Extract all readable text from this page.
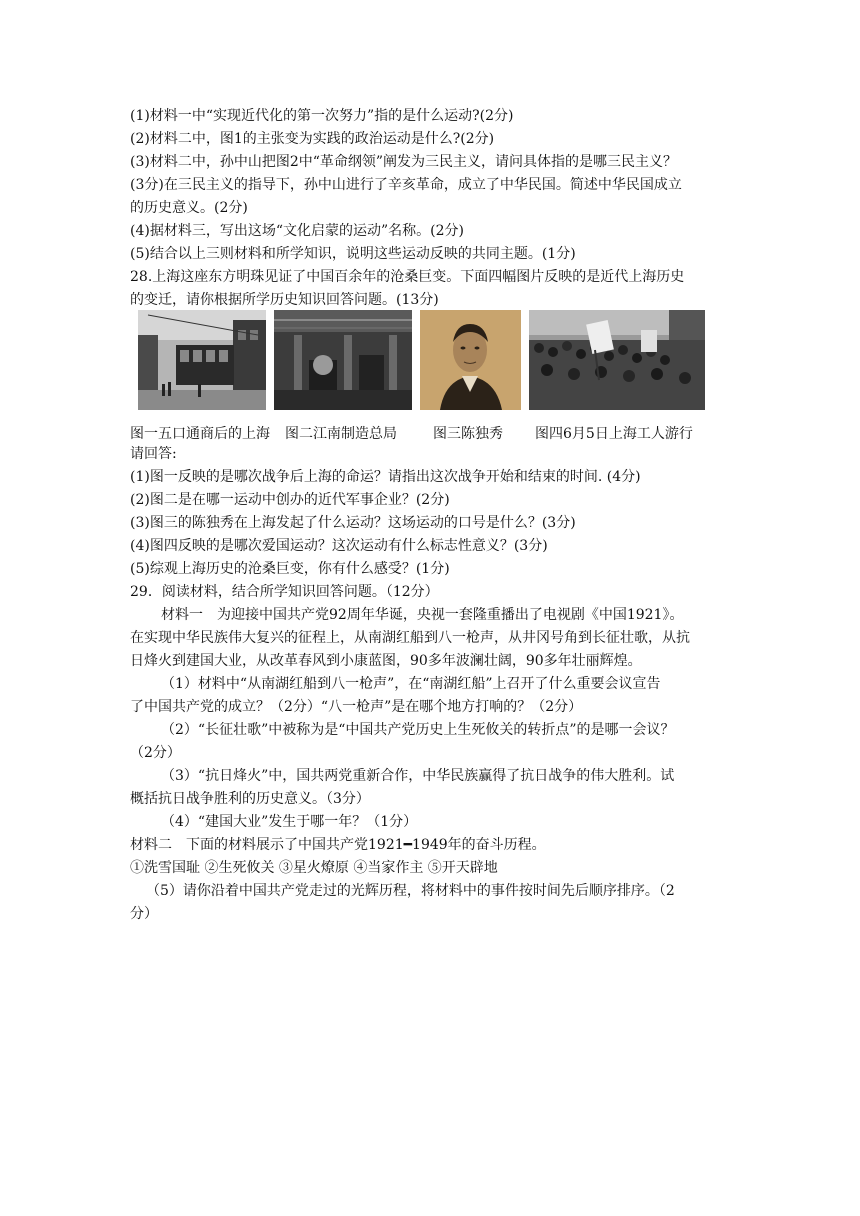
(1)材料一中“实现近代化的第一次努力”指的是什么运动?(2分)
(2)材料二中，图1的主张变为实践的政治运动是什么?(2分)
(3)材料二中，孙中山把图2中“革命纲领”阐发为三民主义，请问具体指的是哪三民主义？
(3分)在三民主义的指导下，孙中山进行了辛亥革命，成立了中华民国。简述中华民国成立
的历史意义。(2分)
(4)据材料三，写出这场“文化启蒙的运动”名称。(2分)
(5)结合以上三则材料和所学知识，说明这些运动反映的共同主题。(1分)
28.上海这座东方明珠见证了中国百余年的沧桑巨变。下面四幅图片反映的是近代上海历史
的变迁，请你根据所学历史知识回答问题。(13分)
图一五口通商后的上海 图二江南制造总局	图三陈独秀 图四6月5日上海工人游行
请回答:
(1)图一反映的是哪次战争后上海的命运？请指出这次战争开始和结束的时间. (4分)
(2)图二是在哪一运动中创办的近代军事企业？(2分)
(3)图三的陈独秀在上海发起了什么运动？这场运动的口号是什么？(3分)
(4)图四反映的是哪次爱国运动？这次运动有什么标志性意义？(3分)
(5)综观上海历史的沧桑巨变，你有什么感受？(1分)
29．阅读材料，结合所学知识回答问题。（12分）
材料一　为迎接中国共产党92周年华诞，央视一套隆重播出了电视剧《中国1921》。
在实现中华民族伟大复兴的征程上，从南湖红船到八一枪声，从井冈号角到长征壮歌，从抗
日烽火到建国大业，从改革春风到小康蓝图，90多年波澜壮阔，90多年壮丽辉煌。
（1）材料中“从南湖红船到八一枪声”，在“南湖红船”上召开了什么重要会议宣告
了中国共产党的成立？（2分）“八一枪声”是在哪个地方打响的？（2分）
（2）“长征壮歌”中被称为是“中国共产党历史上生死攸关的转折点”的是哪一会议？
（2分）
（3）“抗日烽火”中，国共两党重新合作，中华民族赢得了抗日战争的伟大胜利。试
概括抗日战争胜利的历史意义。（3分）
（4）“建国大业”发生于哪一年？（1分）
材料二　下面的材料展示了中国共产党1921━1949年的奋斗历程。
①洗雪国耻 ②生死攸关 ③星火燎原 ④当家作主 ⑤开天辟地
（5）请你沿着中国共产党走过的光辉历程，将材料中的事件按时间先后顺序排序。（2
分）
